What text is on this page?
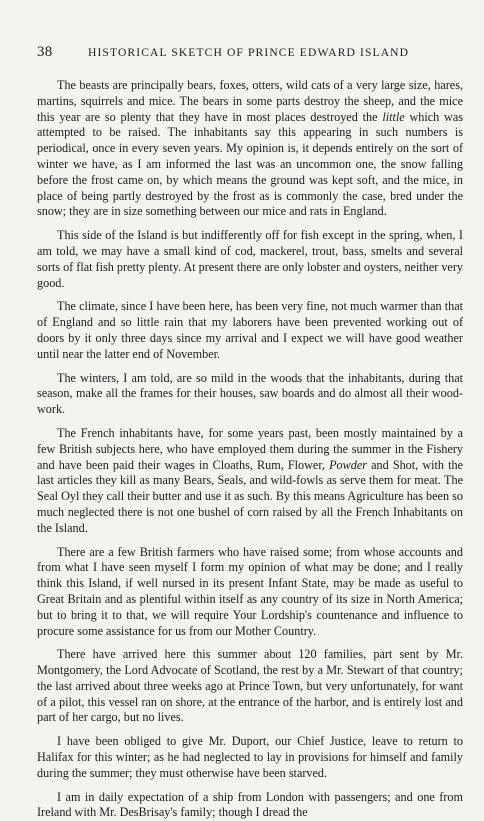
38	HISTORICAL SKETCH OF PRINCE EDWARD ISLAND

The beasts are principally bears, foxes, otters, wild cats of a very large size, hares, martins, squirrels and mice. The bears in some parts destroy the sheep, and the mice this year are so plenty that they have in most places destroyed the little which was attempted to be raised. The inhabitants say this appearing in such numbers is periodical, once in every seven years. My opinion is, it depends entirely on the sort of winter we have, as I am informed the last was an uncommon one, the snow falling before the frost came on, by which means the ground was kept soft, and the mice, in place of being partly destroyed by the frost as is commonly the case, bred under the snow; they are in size something between our mice and rats in England.

This side of the Island is but indifferently off for fish except in the spring, when, I am told, we may have a small kind of cod, mackerel, trout, bass, smelts and several sorts of flat fish pretty plenty. At present there are only lobster and oysters, neither very good.

The climate, since I have been here, has been very fine, not much warmer than that of England and so little rain that my laborers have been prevented working out of doors by it only three days since my arrival and I expect we will have good weather until near the latter end of November.

The winters, I am told, are so mild in the woods that the inhabitants, during that season, make all the frames for their houses, saw boards and do almost all their wood-work.

The French inhabitants have, for some years past, been mostly maintained by a few British subjects here, who have employed them during the summer in the Fishery and have been paid their wages in Cloaths, Rum, Flower, Powder and Shot, with the last articles they kill as many Bears, Seals, and wild-fowls as serve them for meat. The Seal Oyl they call their butter and use it as such. By this means Agriculture has been so much neglected there is not one bushel of corn raised by all the French Inhabitants on the Island.

There are a few British farmers who have raised some; from whose accounts and from what I have seen myself I form my opinion of what may be done; and I really think this Island, if well nursed in its present Infant State, may be made as useful to Great Britain and as plentiful within itself as any country of its size in North America; but to bring it to that, we will require Your Lordship's countenance and influence to procure some assistance for us from our Mother Country.

There have arrived here this summer about 120 families, part sent by Mr. Montgomery, the Lord Advocate of Scotland, the rest by a Mr. Stewart of that country; the last arrived about three weeks ago at Prince Town, but very unfortunately, for want of a pilot, this vessel ran on shore, at the entrance of the harbor, and is entirely lost and part of her cargo, but no lives.

I have been obliged to give Mr. Duport, our Chief Justice, leave to return to Halifax for this winter; as he had neglected to lay in provisions for himself and family during the summer; they must otherwise have been starved.

I am in daily expectation of a ship from London with passengers; and one from Ireland with Mr. DesBrisay's family; though I dread the
